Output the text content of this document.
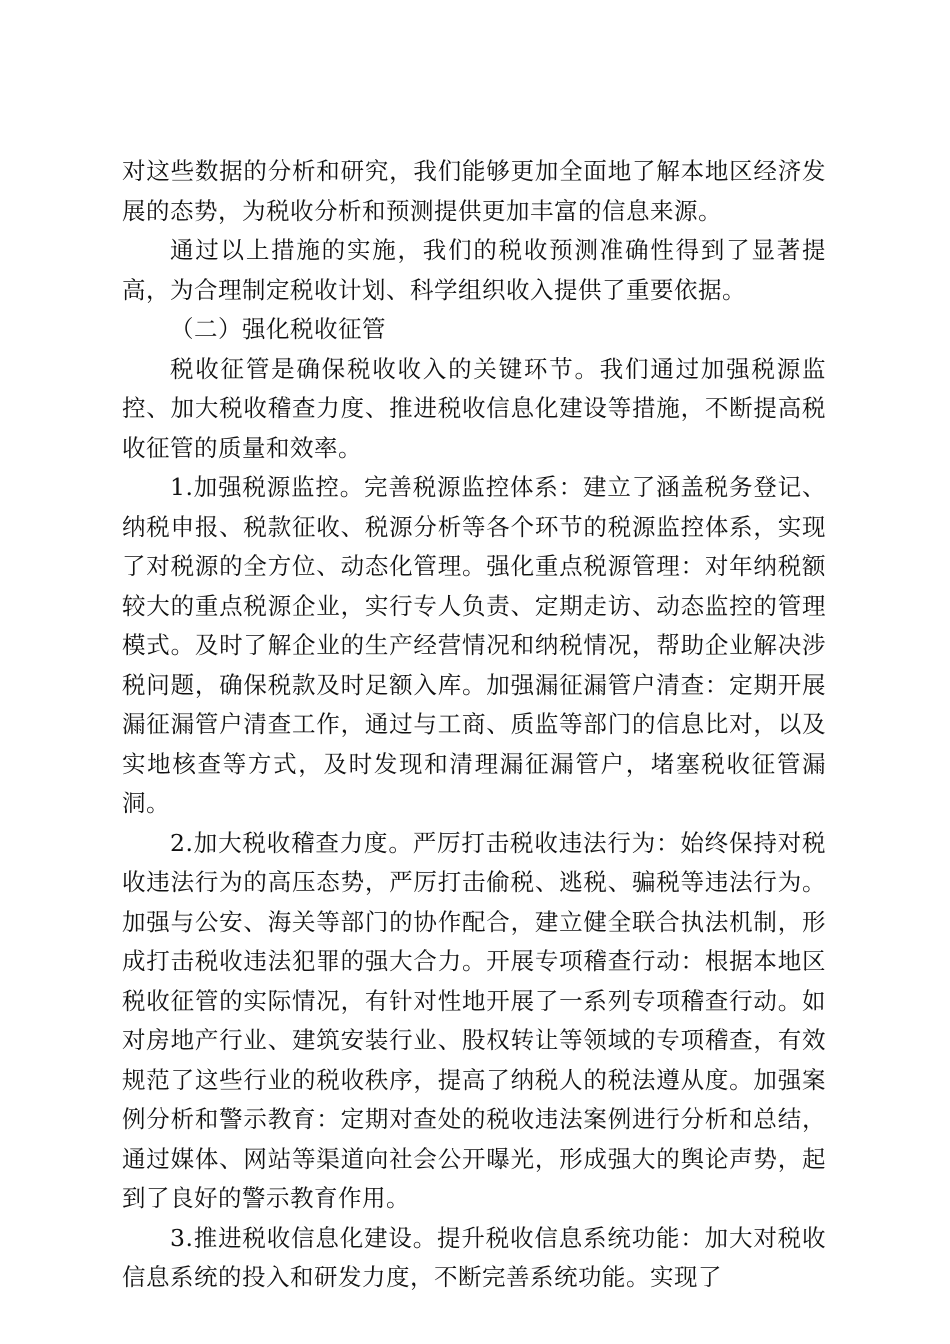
对这些数据的分析和研究，我们能够更加全面地了解本地区经济发展的态势，为税收分析和预测提供更加丰富的信息来源。

通过以上措施的实施，我们的税收预测准确性得到了显著提高，为合理制定税收计划、科学组织收入提供了重要依据。

（二）强化税收征管

税收征管是确保税收收入的关键环节。我们通过加强税源监控、加大税收稽查力度、推进税收信息化建设等措施，不断提高税收征管的质量和效率。

1.加强税源监控。完善税源监控体系：建立了涵盖税务登记、纳税申报、税款征收、税源分析等各个环节的税源监控体系，实现了对税源的全方位、动态化管理。强化重点税源管理：对年纳税额较大的重点税源企业，实行专人负责、定期走访、动态监控的管理模式。及时了解企业的生产经营情况和纳税情况，帮助企业解决涉税问题，确保税款及时足额入库。加强漏征漏管户清查：定期开展漏征漏管户清查工作，通过与工商、质监等部门的信息比对，以及实地核查等方式，及时发现和清理漏征漏管户，堵塞税收征管漏洞。

2.加大税收稽查力度。严厉打击税收违法行为：始终保持对税收违法行为的高压态势，严厉打击偷税、逃税、骗税等违法行为。加强与公安、海关等部门的协作配合，建立健全联合执法机制，形成打击税收违法犯罪的强大合力。开展专项稽查行动：根据本地区税收征管的实际情况，有针对性地开展了一系列专项稽查行动。如对房地产行业、建筑安装行业、股权转让等领域的专项稽查，有效规范了这些行业的税收秩序，提高了纳税人的税法遵从度。加强案例分析和警示教育：定期对查处的税收违法案例进行分析和总结，通过媒体、网站等渠道向社会公开曝光，形成强大的舆论声势，起到了良好的警示教育作用。

3.推进税收信息化建设。提升税收信息系统功能：加大对税收信息系统的投入和研发力度，不断完善系统功能。实现了
